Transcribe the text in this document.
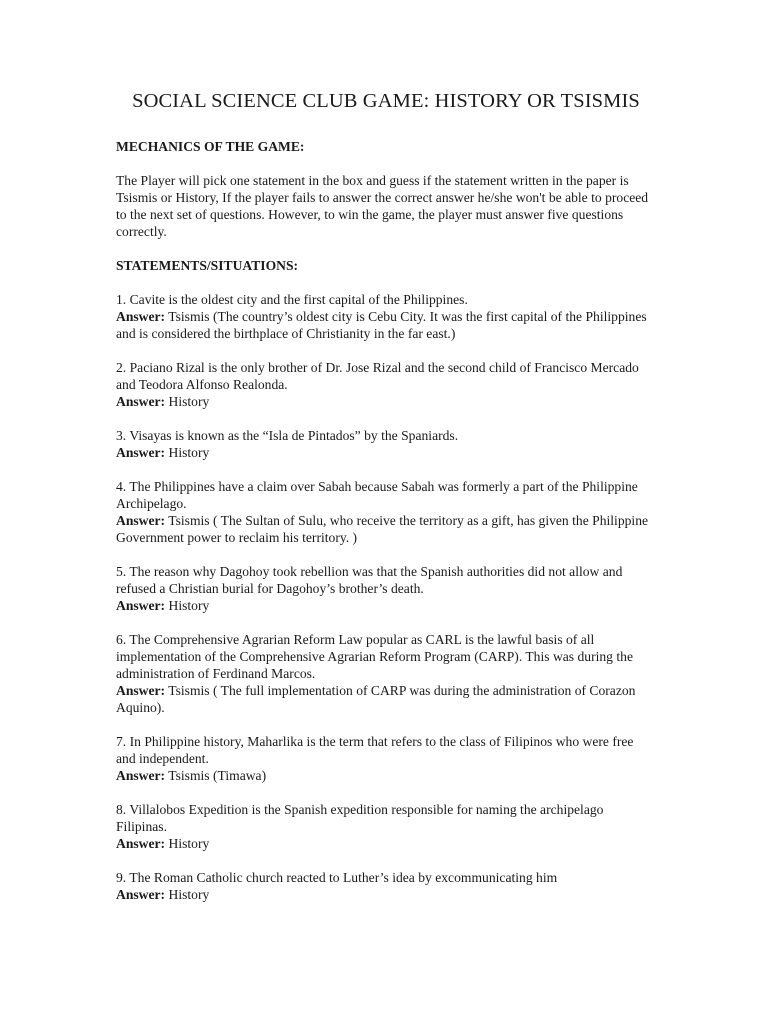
SOCIAL SCIENCE CLUB GAME: HISTORY OR TSISMIS
MECHANICS OF THE GAME:
The Player will pick one statement in the box and guess if the statement written in the paper is Tsismis or History, If the player fails to answer the correct answer he/she won't be able to proceed to the next set of questions. However, to win the game, the player must answer five questions correctly.
STATEMENTS/SITUATIONS:
1. Cavite is the oldest city and the first capital of the Philippines.
Answer: Tsismis (The country’s oldest city is Cebu City. It was the first capital of the Philippines and is considered the birthplace of Christianity in the far east.)
2. Paciano Rizal is the only brother of Dr. Jose Rizal and the second child of Francisco Mercado and Teodora Alfonso Realonda.
Answer: History
3. Visayas is known as the “Isla de Pintados” by the Spaniards.
Answer: History
4. The Philippines have a claim over Sabah because Sabah was formerly a part of the Philippine Archipelago.
Answer: Tsismis ( The Sultan of Sulu, who receive the territory as a gift, has given the Philippine Government power to reclaim his territory. )
5. The reason why Dagohoy took rebellion was that the Spanish authorities did not allow and refused a Christian burial for Dagohoy’s brother’s death.
Answer: History
6. The Comprehensive Agrarian Reform Law popular as CARL is the lawful basis of all implementation of the Comprehensive Agrarian Reform Program (CARP). This was during the administration of Ferdinand Marcos.
Answer: Tsismis ( The full implementation of CARP was during the administration of Corazon Aquino).
7. In Philippine history, Maharlika is the term that refers to the class of Filipinos who were free and independent.
Answer: Tsismis (Timawa)
8. Villalobos Expedition is the Spanish expedition responsible for naming the archipelago Filipinas.
Answer: History
9. The Roman Catholic church reacted to Luther’s idea by excommunicating him
Answer: History
